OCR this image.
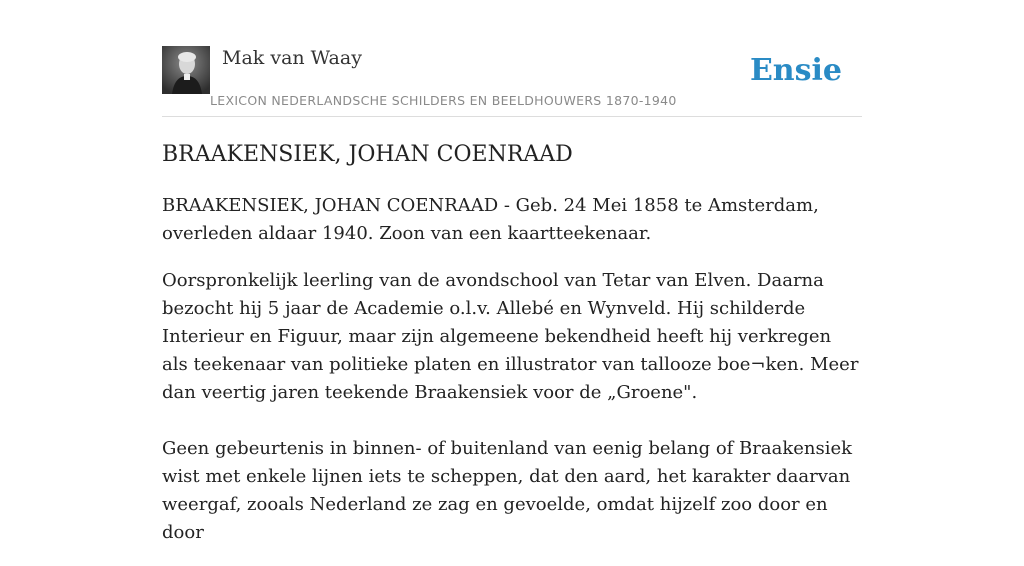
Mak van Waay
LEXICON NEDERLANDSCHE SCHILDERS EN BEELDHOUWERS 1870-1940
Ensie
BRAAKENSIEK, JOHAN COENRAAD

BRAAKENSIEK, JOHAN COENRAAD - Geb. 24 Mei 1858 te Amsterdam, overleden aldaar 1940. Zoon van een kaartteekenaar.

Oorspronkelijk leerling van de avondschool van Tetar van Elven. Daarna bezocht hij 5 jaar de Academie o.l.v. Allebé en Wynveld. Hij schilderde Interieur en Figuur, maar zijn algemeene bekendheid heeft hij verkregen als teekenaar van politieke platen en illustrator van tallooze boe¬ken. Meer dan veertig jaren teekende Braakensiek voor de „Groene".

Geen gebeurtenis in binnen- of buitenland van eenig belang of Braakensiek wist met enkele lijnen iets te scheppen, dat den aard, het karakter daarvan weergaf, zooals Nederland ze zag en gevoelde, omdat hijzelf zoo door en door
